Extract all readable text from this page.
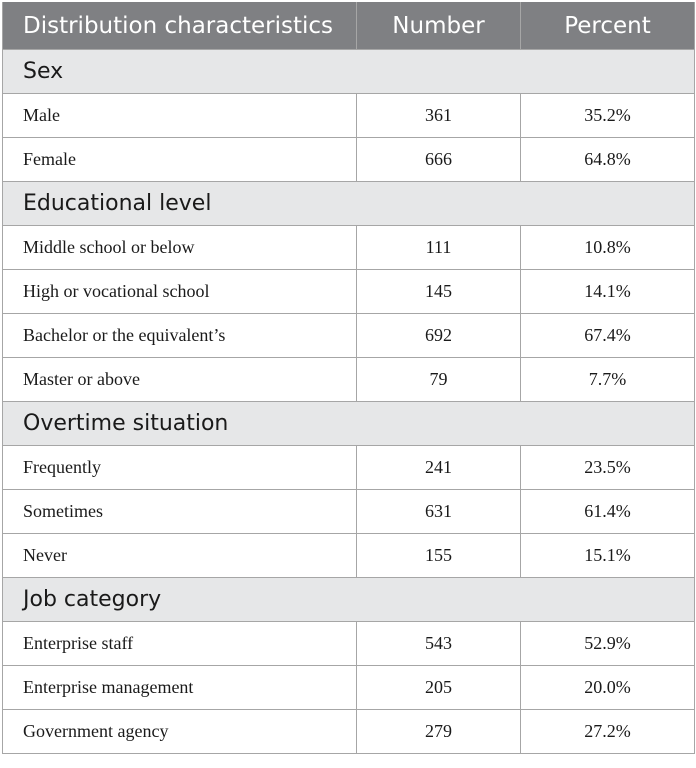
Distribution characteristics	Number	Percent
Sex		
Male	361	35.2%
Female	666	64.8%
Educational level		
Middle school or below	111	10.8%
High or vocational school	145	14.1%
Bachelor or the equivalent’s	692	67.4%
Master or above	79	7.7%
Overtime situation		
Frequently	241	23.5%
Sometimes	631	61.4%
Never	155	15.1%
Job category		
Enterprise staff	543	52.9%
Enterprise management	205	20.0%
Government agency	279	27.2%
